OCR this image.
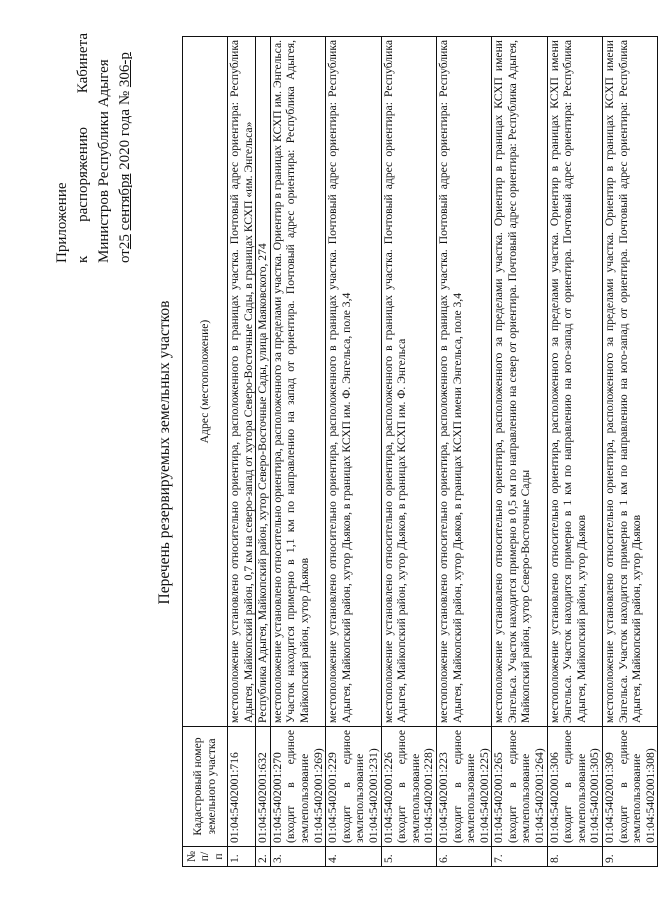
Приложение к
распоряжению
Кабинета Министров Республики Адыгея от25 сентября 2020 года № 306-р
Перечень резервируемых земельных участков
№ п/п	Кадастровый номер земельного участка	Адрес (местоположение)
1.	01:04:5402001:716	местоположение установлено относительно ориентира, расположенного в границах участка. Почтовый адрес ориентира: Республика Адыгея, Майкопский район, 0,7 км на северо-запад от хутора Северо-Восточные Сады, в границах КСХП «им. Энгельса»
2.	01:04:5402001:632	Республика Адыгея, Майкопский район, хутор Северо-Восточные Сады, улица Маяковского, 274
3.	01:04:5402001:270 (входит в единое землепользование 01:04:5402001:269)	местоположение установлено относительно ориентира, расположенного за пределами участка. Ориентир в границах КСХП им. Энгельса. Участок находится примерно в 1,1 км по направлению на запад от ориентира. Почтовый адрес ориентира: Республика Адыгея, Майкопский район, хутор Дьяков
4.	01:04:5402001:229 (входит в единое землепользование 01:04:5402001:231)	местоположение установлено относительно ориентира, расположенного в границах участка. Почтовый адрес ориентира: Республика Адыгея, Майкопский район, хутор Дьяков, в границах КСХП им. Ф. Энгельса, поле 3,4
5.	01:04:5402001:226 (входит в единое землепользование 01:04:5402001:228)	местоположение установлено относительно ориентира, расположенного в границах участка. Почтовый адрес ориентира: Республика Адыгея, Майкопский район, хутор Дьяков, в границах КСХП им. Ф. Энгельса
6.	01:04:5402001:223 (входит в единое землепользование 01:04:5402001:225)	местоположение установлено относительно ориентира, расположенного в границах участка. Почтовый адрес ориентира: Республика Адыгея, Майкопский район, хутор Дьяков, в границах КСХП имени Энгельса, поле 3,4
7.	01:04:5402001:265 (входит в единое землепользование 01:04:5402001:264)	местоположение установлено относительно ориентира, расположенного за пределами участка. Ориентир в границах КСХП имени Энгельса. Участок находится примерно в 0,5 км по направлению на север от ориентира. Почтовый адрес ориентира: Республика Адыгея, Майкопский район, хутор Северо-Восточные Сады
8.	01:04:5402001:306 (входит в единое землепользование 01:04:5402001:305)	местоположение установлено относительно ориентира, расположенного за пределами участка. Ориентир в границах КСХП имени Энгельса. Участок находится примерно в 1 км по направлению на юго-запад от ориентира. Почтовый адрес ориентира: Республика Адыгея, Майкопский район, хутор Дьяков
9.	01:04:5402001:309 (входит в единое землепользование 01:04:5402001:308)	местоположение установлено относительно ориентира, расположенного за пределами участка. Ориентир в границах КСХП имени Энгельса. Участок находится примерно в 1 км по направлению на юго-запад от ориентира. Почтовый адрес ориентира: Республика Адыгея, Майкопский район, хутор Дьяков
